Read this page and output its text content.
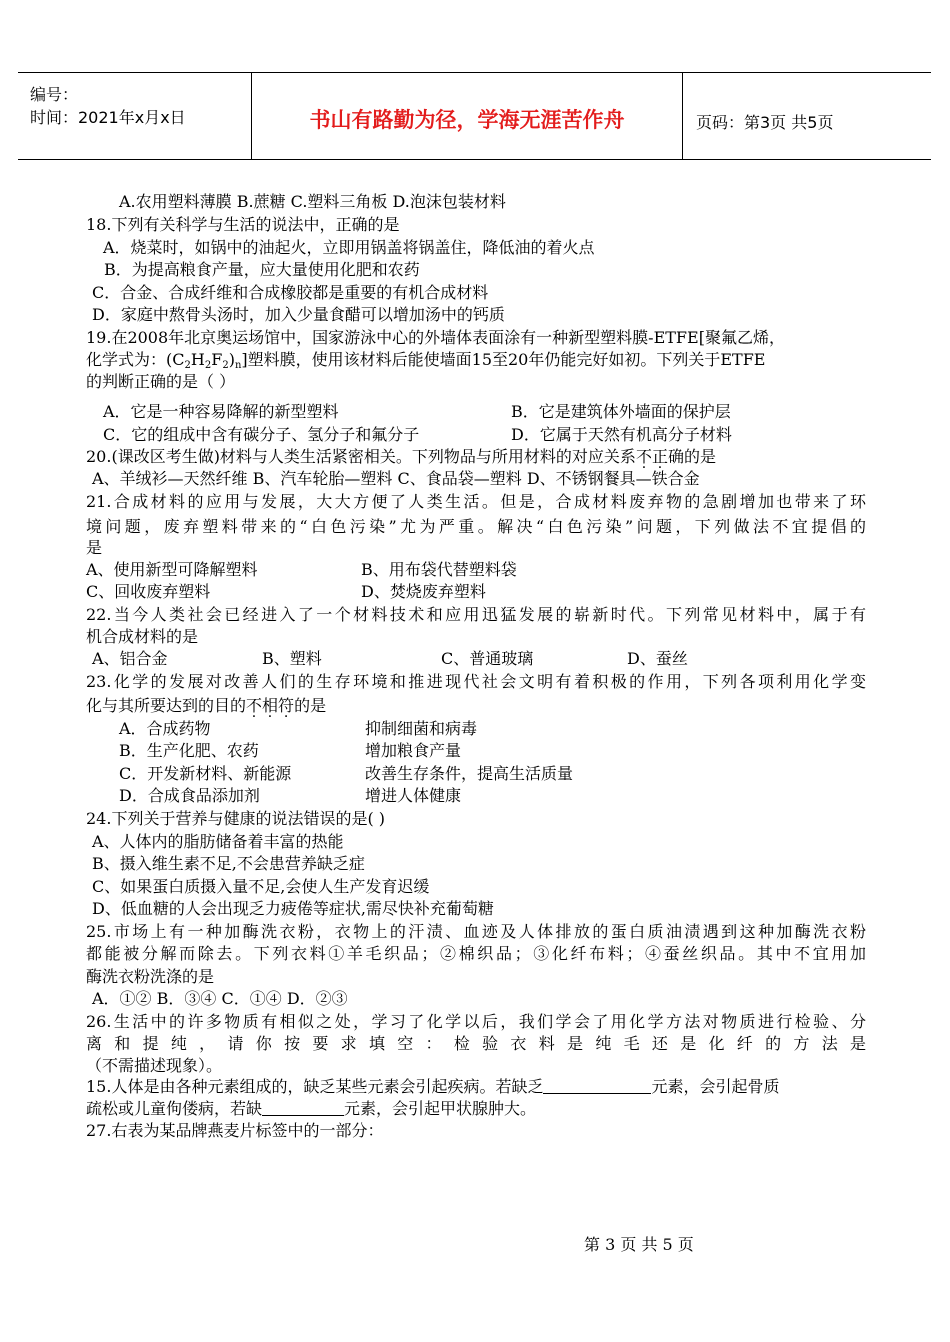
编号：
时间：2021年x月x日	书山有路勤为径，学海无涯苦作舟	页码：第3页 共5页
A.农用塑料薄膜 B.蔗糖 C.塑料三角板 D.泡沫包装材料
18.下列有关科学与生活的说法中，正确的是
A．烧菜时，如锅中的油起火，立即用锅盖将锅盖住，降低油的着火点
B．为提高粮食产量，应大量使用化肥和农药
C．合金、合成纤维和合成橡胶都是重要的有机合成材料
D．家庭中熬骨头汤时，加入少量食醋可以增加汤中的钙质
19.在2008年北京奥运场馆中，国家游泳中心的外墙体表面涂有一种新型塑料膜-ETFE[聚氟乙烯，
化学式为：$(C_2H_2F_2)_n$]塑料膜，使用该材料后能使墙面15至20年仍能完好如初。下列关于ETFE
的判断正确的是（ ）
A．它是一种容易降解的新型塑料	B．它是建筑体外墙面的保护层
C．它的组成中含有碳分子、氢分子和氟分子	D．它属于天然有机高分子材料
20.(课改区考生做)材料与人类生活紧密相关。下列物品与所用材料的对应关系不正确的是
A、羊绒衫—天然纤维 B、汽车轮胎—塑料 C、食品袋—塑料 D、不锈钢餐具—铁合金
21.合成材料的应用与发展，大大方便了人类生活。但是，合成材料废弃物的急剧增加也带来了环
境问题，废弃塑料带来的“白色污染”尤为严重。解决“白色污染”问题，下列做法不宜提倡的
是
A、使用新型可降解塑料	B、用布袋代替塑料袋
C、回收废弃塑料	D、焚烧废弃塑料
22.当今人类社会已经进入了一个材料技术和应用迅猛发展的崭新时代。下列常见材料中，属于有
机合成材料的是
A、铝合金	B、塑料	C、普通玻璃	D、蚕丝
23.化学的发展对改善人们的生存环境和推进现代社会文明有着积极的作用，下列各项利用化学变
化与其所要达到的目的不相符的是
A．合成药物	抑制细菌和病毒
B．生产化肥、农药	增加粮食产量
C．开发新材料、新能源	改善生存条件，提高生活质量
D．合成食品添加剂	增进人体健康
24.下列关于营养与健康的说法错误的是( )
A、人体内的脂肪储备着丰富的热能
B、摄入维生素不足,不会患营养缺乏症
C、如果蛋白质摄入量不足,会使人生产发育迟缓
D、低血糖的人会出现乏力疲倦等症状,需尽快补充葡萄糖
25.市场上有一种加酶洗衣粉，衣物上的汗渍、血迹及人体排放的蛋白质油渍遇到这种加酶洗衣粉
都能被分解而除去。下列衣料①羊毛织品；②棉织品；③化纤布料；④蚕丝织品。其中不宜用加
酶洗衣粉洗涤的是
A．①② B．③④ C．①④ D．②③
26.生活中的许多物质有相似之处，学习了化学以后，我们学会了用化学方法对物质进行检验、分
离和提纯，请你按要求填空：检验衣料是纯毛还是化纤的方法是
（不需描述现象）。
15.人体是由各种元素组成的，缺乏某些元素会引起疾病。若缺乏	元素，会引起骨质
疏松或儿童佝偻病，若缺	元素，会引起甲状腺肿大。
27.右表为某品牌燕麦片标签中的一部分：
第 3 页 共 5 页
